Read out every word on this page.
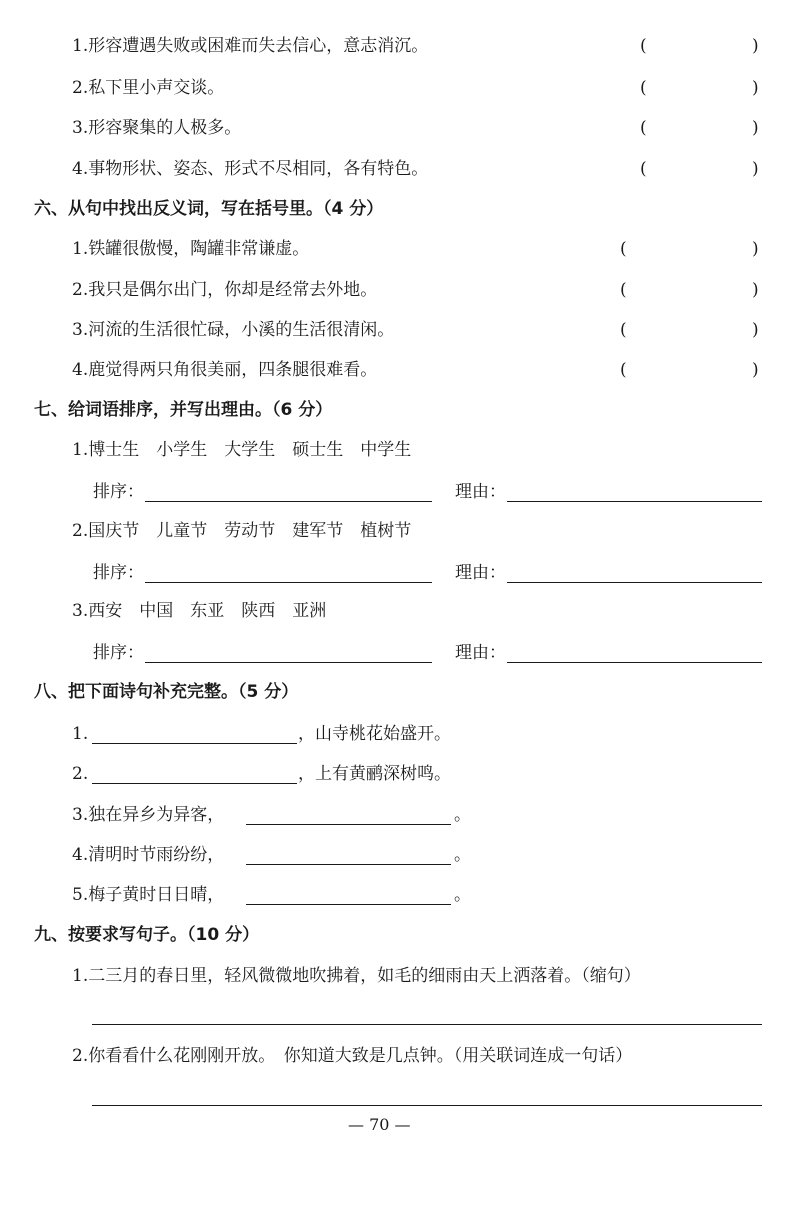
1.形容遭遇失败或困难而失去信心，意志消沉。	(	)
2.私下里小声交谈。	(	)
3.形容聚集的人极多。	(	)
4.事物形状、姿态、形式不尽相同，各有特色。	(	)
六、从句中找出反义词，写在括号里。（4 分）
1.铁罐很傲慢，陶罐非常谦虚。	(	)
2.我只是偶尔出门，你却是经常去外地。	(	)
3.河流的生活很忙碌，小溪的生活很清闲。	(	)
4.鹿觉得两只角很美丽，四条腿很难看。	(	)
七、给词语排序，并写出理由。（6 分）
1.博士生　小学生　大学生　硕士生　中学生
排序：	理由：
2.国庆节　儿童节　劳动节　建军节　植树节
排序：	理由：
3.西安　中国　东亚　陕西　亚洲
排序：	理由：
八、把下面诗句补充完整。（5 分）
1.	，山寺桃花始盛开。
2.	，上有黄鹂深树鸣。
3.独在异乡为异客，	。
4.清明时节雨纷纷，	。
5.梅子黄时日日晴，	。
九、按要求写句子。（10 分）
1.二三月的春日里，轻风微微地吹拂着，如毛的细雨由天上洒落着。（缩句）
2.你看看什么花刚刚开放。　你知道大致是几点钟。（用关联词连成一句话）
— 70 —
